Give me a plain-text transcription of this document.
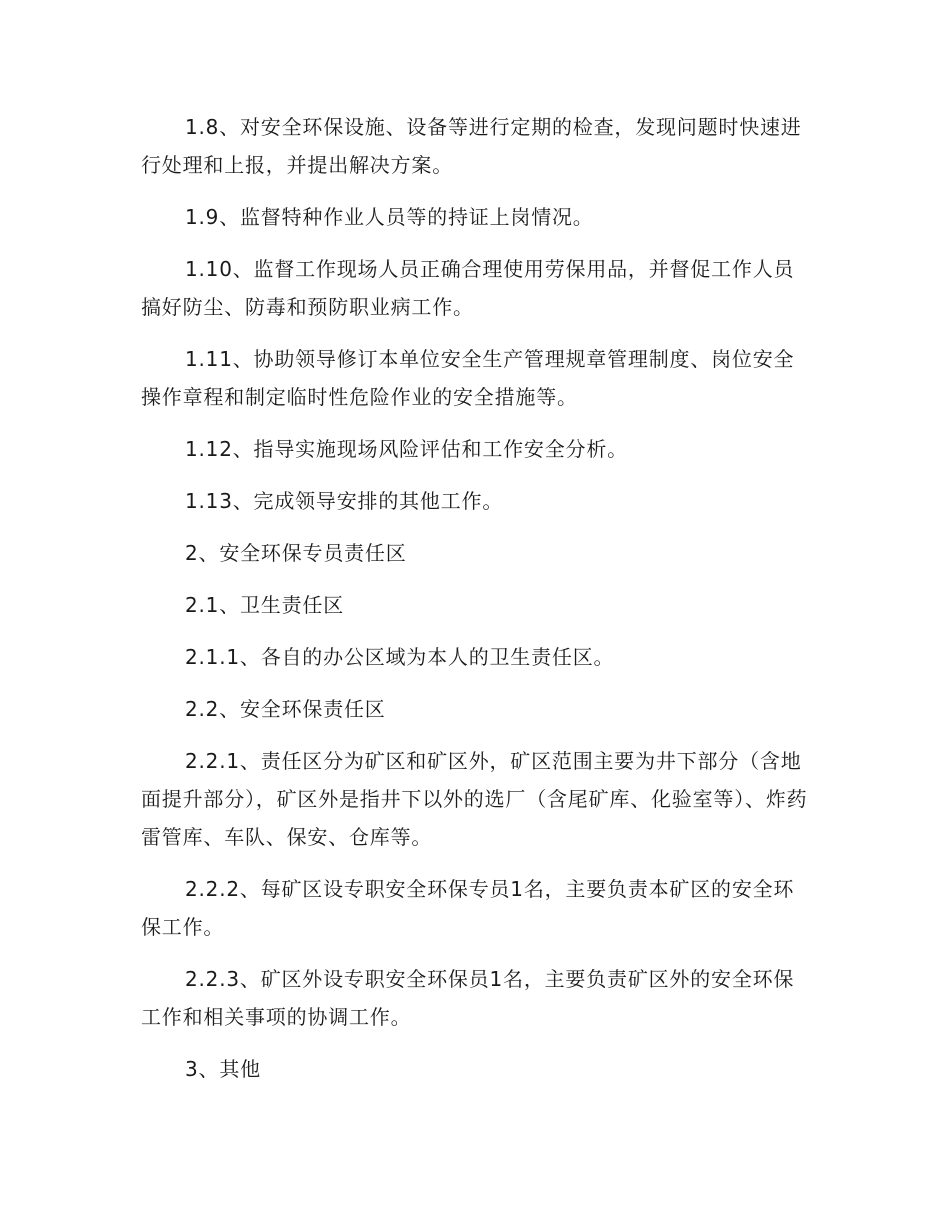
1.8、对安全环保设施、设备等进行定期的检查，发现问题时快速进行处理和上报，并提出解决方案。

1.9、监督特种作业人员等的持证上岗情况。

1.10、监督工作现场人员正确合理使用劳保用品，并督促工作人员搞好防尘、防毒和预防职业病工作。

1.11、协助领导修订本单位安全生产管理规章管理制度、岗位安全操作章程和制定临时性危险作业的安全措施等。

1.12、指导实施现场风险评估和工作安全分析。

1.13、完成领导安排的其他工作。

2、安全环保专员责任区

2.1、卫生责任区

2.1.1、各自的办公区域为本人的卫生责任区。

2.2、安全环保责任区

2.2.1、责任区分为矿区和矿区外，矿区范围主要为井下部分（含地面提升部分），矿区外是指井下以外的选厂（含尾矿库、化验室等）、炸药雷管库、车队、保安、仓库等。

2.2.2、每矿区设专职安全环保专员1名，主要负责本矿区的安全环保工作。

2.2.3、矿区外设专职安全环保员1名，主要负责矿区外的安全环保工作和相关事项的协调工作。

3、其他
